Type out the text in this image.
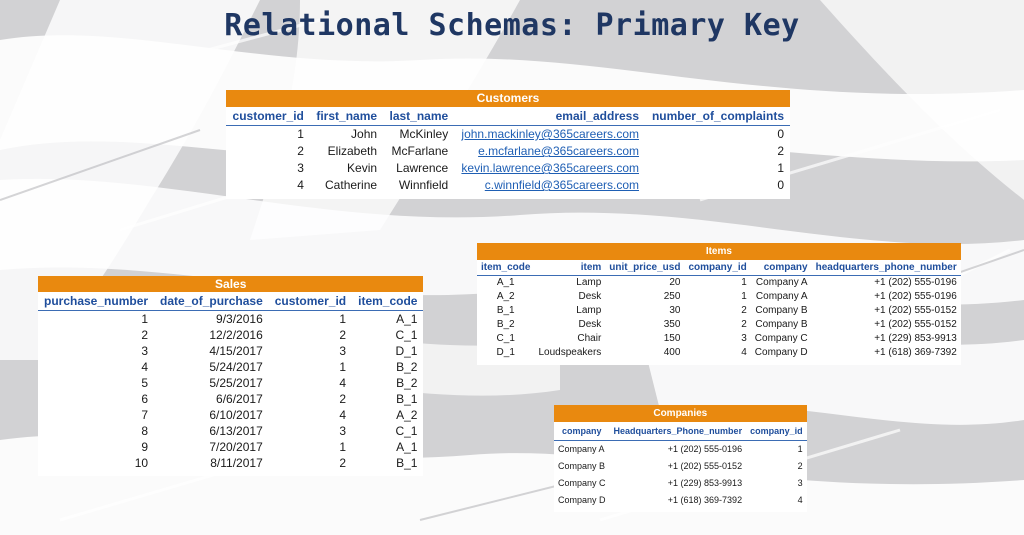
Relational Schemas: Primary Key
Customers				
customer_id	first_name	last_name	email_address	number_of_complaints
1	John	McKinley	john.mackinley@365careers.com	0
2	Elizabeth	McFarlane	e.mcfarlane@365careers.com	2
3	Kevin	Lawrence	kevin.lawrence@365careers.com	1
4	Catherine	Winnfield	c.winnfield@365careers.com	0
Sales			
purchase_number	date_of_purchase	customer_id	item_code
1	9/3/2016	1	A_1
2	12/2/2016	2	C_1
3	4/15/2017	3	D_1
4	5/24/2017	1	B_2
5	5/25/2017	4	B_2
6	6/6/2017	2	B_1
7	6/10/2017	4	A_2
8	6/13/2017	3	C_1
9	7/20/2017	1	A_1
10	8/11/2017	2	B_1
Items					
item_code	item	unit_price_usd	company_id	company	headquarters_phone_number
A_1	Lamp	20	1	Company A	+1 (202) 555-0196
A_2	Desk	250	1	Company A	+1 (202) 555-0196
B_1	Lamp	30	2	Company B	+1 (202) 555-0152
B_2	Desk	350	2	Company B	+1 (202) 555-0152
C_1	Chair	150	3	Company C	+1 (229) 853-9913
D_1	Loudspeakers	400	4	Company D	+1 (618) 369-7392
Companies		
company	Headquarters_Phone_number	company_id
Company A	+1 (202) 555-0196	1
Company B	+1 (202) 555-0152	2
Company C	+1 (229) 853-9913	3
Company D	+1 (618) 369-7392	4
